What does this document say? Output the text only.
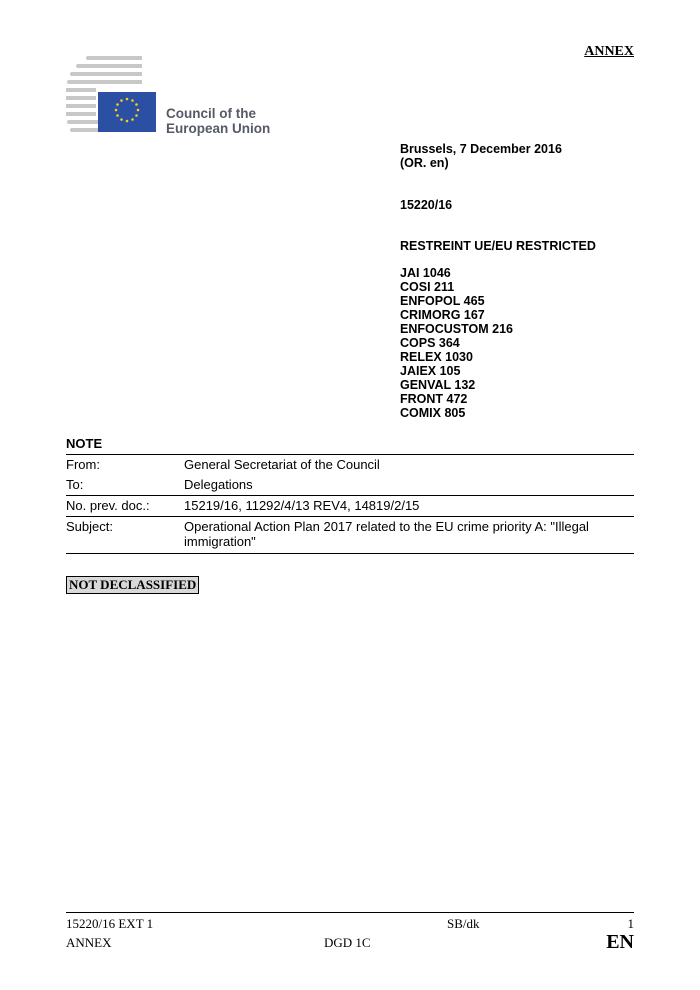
ANNEX
Council of the
European Union
Brussels, 7 December 2016
(OR. en)
15220/16
RESTREINT UE/EU RESTRICTED
JAI 1046
COSI 211
ENFOPOL 465
CRIMORG 167
ENFOCUSTOM 216
COPS 364
RELEX 1030
JAIEX 105
GENVAL 132
FRONT 472
COMIX 805
NOTE
From:	General Secretariat of the Council
To:	Delegations
No. prev. doc.:	15219/16, 11292/4/13 REV4, 14819/2/15
Subject:	Operational Action Plan 2017 related to the EU crime priority A: "Illegal immigration"
NOT DECLASSIFIED
15220/16 EXT 1	SB/dk	1
ANNEX	DGD 1C	EN
